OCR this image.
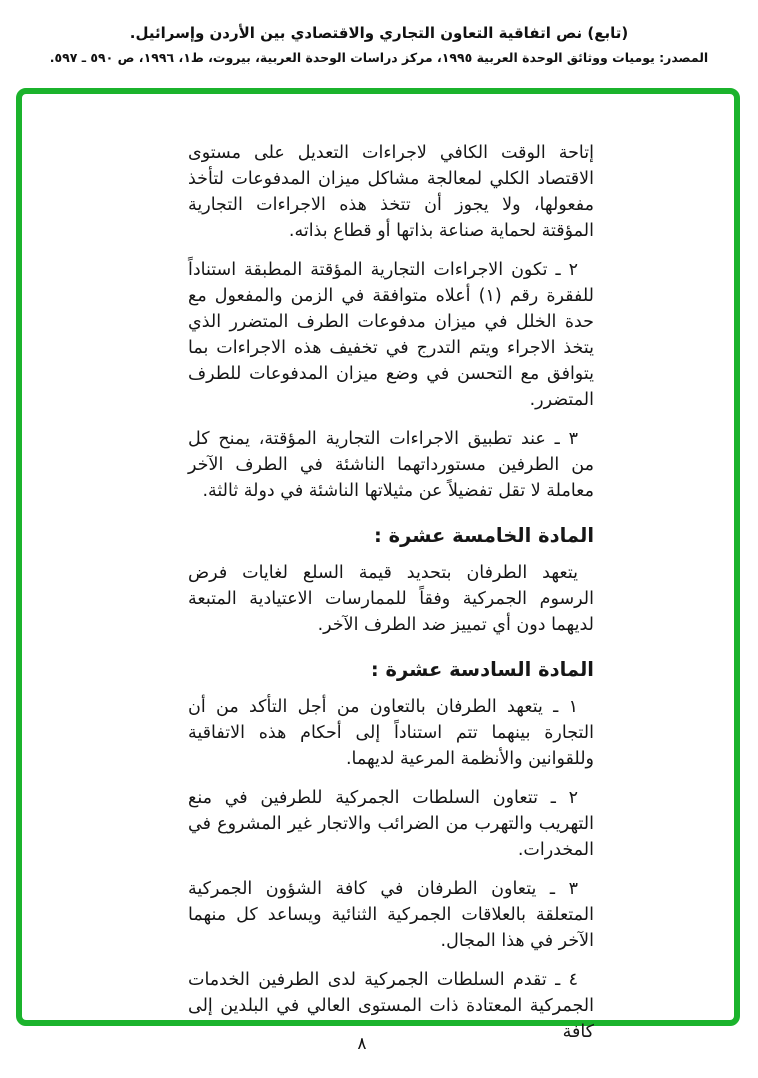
(تابع) نص اتفاقية التعاون التجاري والاقتصادي بين الأردن وإسرائيل.

المصدر: يوميات ووثائق الوحدة العربية ١٩٩٥، مركز دراسات الوحدة العربية، بيروت، ط١، ١٩٩٦، ص ٥٩٠ ـ ٥٩٧.

إتاحة الوقت الكافي لاجراءات التعديل على مستوى الاقتصاد الكلي لمعالجة مشاكل ميزان المدفوعات لتأخذ مفعولها، ولا يجوز أن تتخذ هذه الاجراءات التجارية المؤقتة لحماية صناعة بذاتها أو قطاع بذاته.

٢ ـ تكون الاجراءات التجارية المؤقتة المطبقة استناداً للفقرة رقم (١) أعلاه متوافقة في الزمن والمفعول مع حدة الخلل في ميزان مدفوعات الطرف المتضرر الذي يتخذ الاجراء ويتم التدرج في تخفيف هذه الاجراءات بما يتوافق مع التحسن في وضع ميزان المدفوعات للطرف المتضرر.

٣ ـ عند تطبيق الاجراءات التجارية المؤقتة، يمنح كل من الطرفين مستورداتهما الناشئة في الطرف الآخر معاملة لا تقل تفضيلاً عن مثيلاتها الناشئة في دولة ثالثة.

المادة الخامسة عشرة :

يتعهد الطرفان بتحديد قيمة السلع لغايات فرض الرسوم الجمركية وفقاً للممارسات الاعتيادية المتبعة لديهما دون أي تمييز ضد الطرف الآخر.

المادة السادسة عشرة :

١ ـ يتعهد الطرفان بالتعاون من أجل التأكد من أن التجارة بينهما تتم استناداً إلى أحكام هذه الاتفاقية وللقوانين والأنظمة المرعية لديهما.

٢ ـ تتعاون السلطات الجمركية للطرفين في منع التهريب والتهرب من الضرائب والاتجار غير المشروع في المخدرات.

٣ ـ يتعاون الطرفان في كافة الشؤون الجمركية المتعلقة بالعلاقات الجمركية الثنائية ويساعد كل منهما الآخر في هذا المجال.

٤ ـ تقدم السلطات الجمركية لدى الطرفين الخدمات الجمركية المعتادة ذات المستوى العالي في البلدين إلى كافة

٨
